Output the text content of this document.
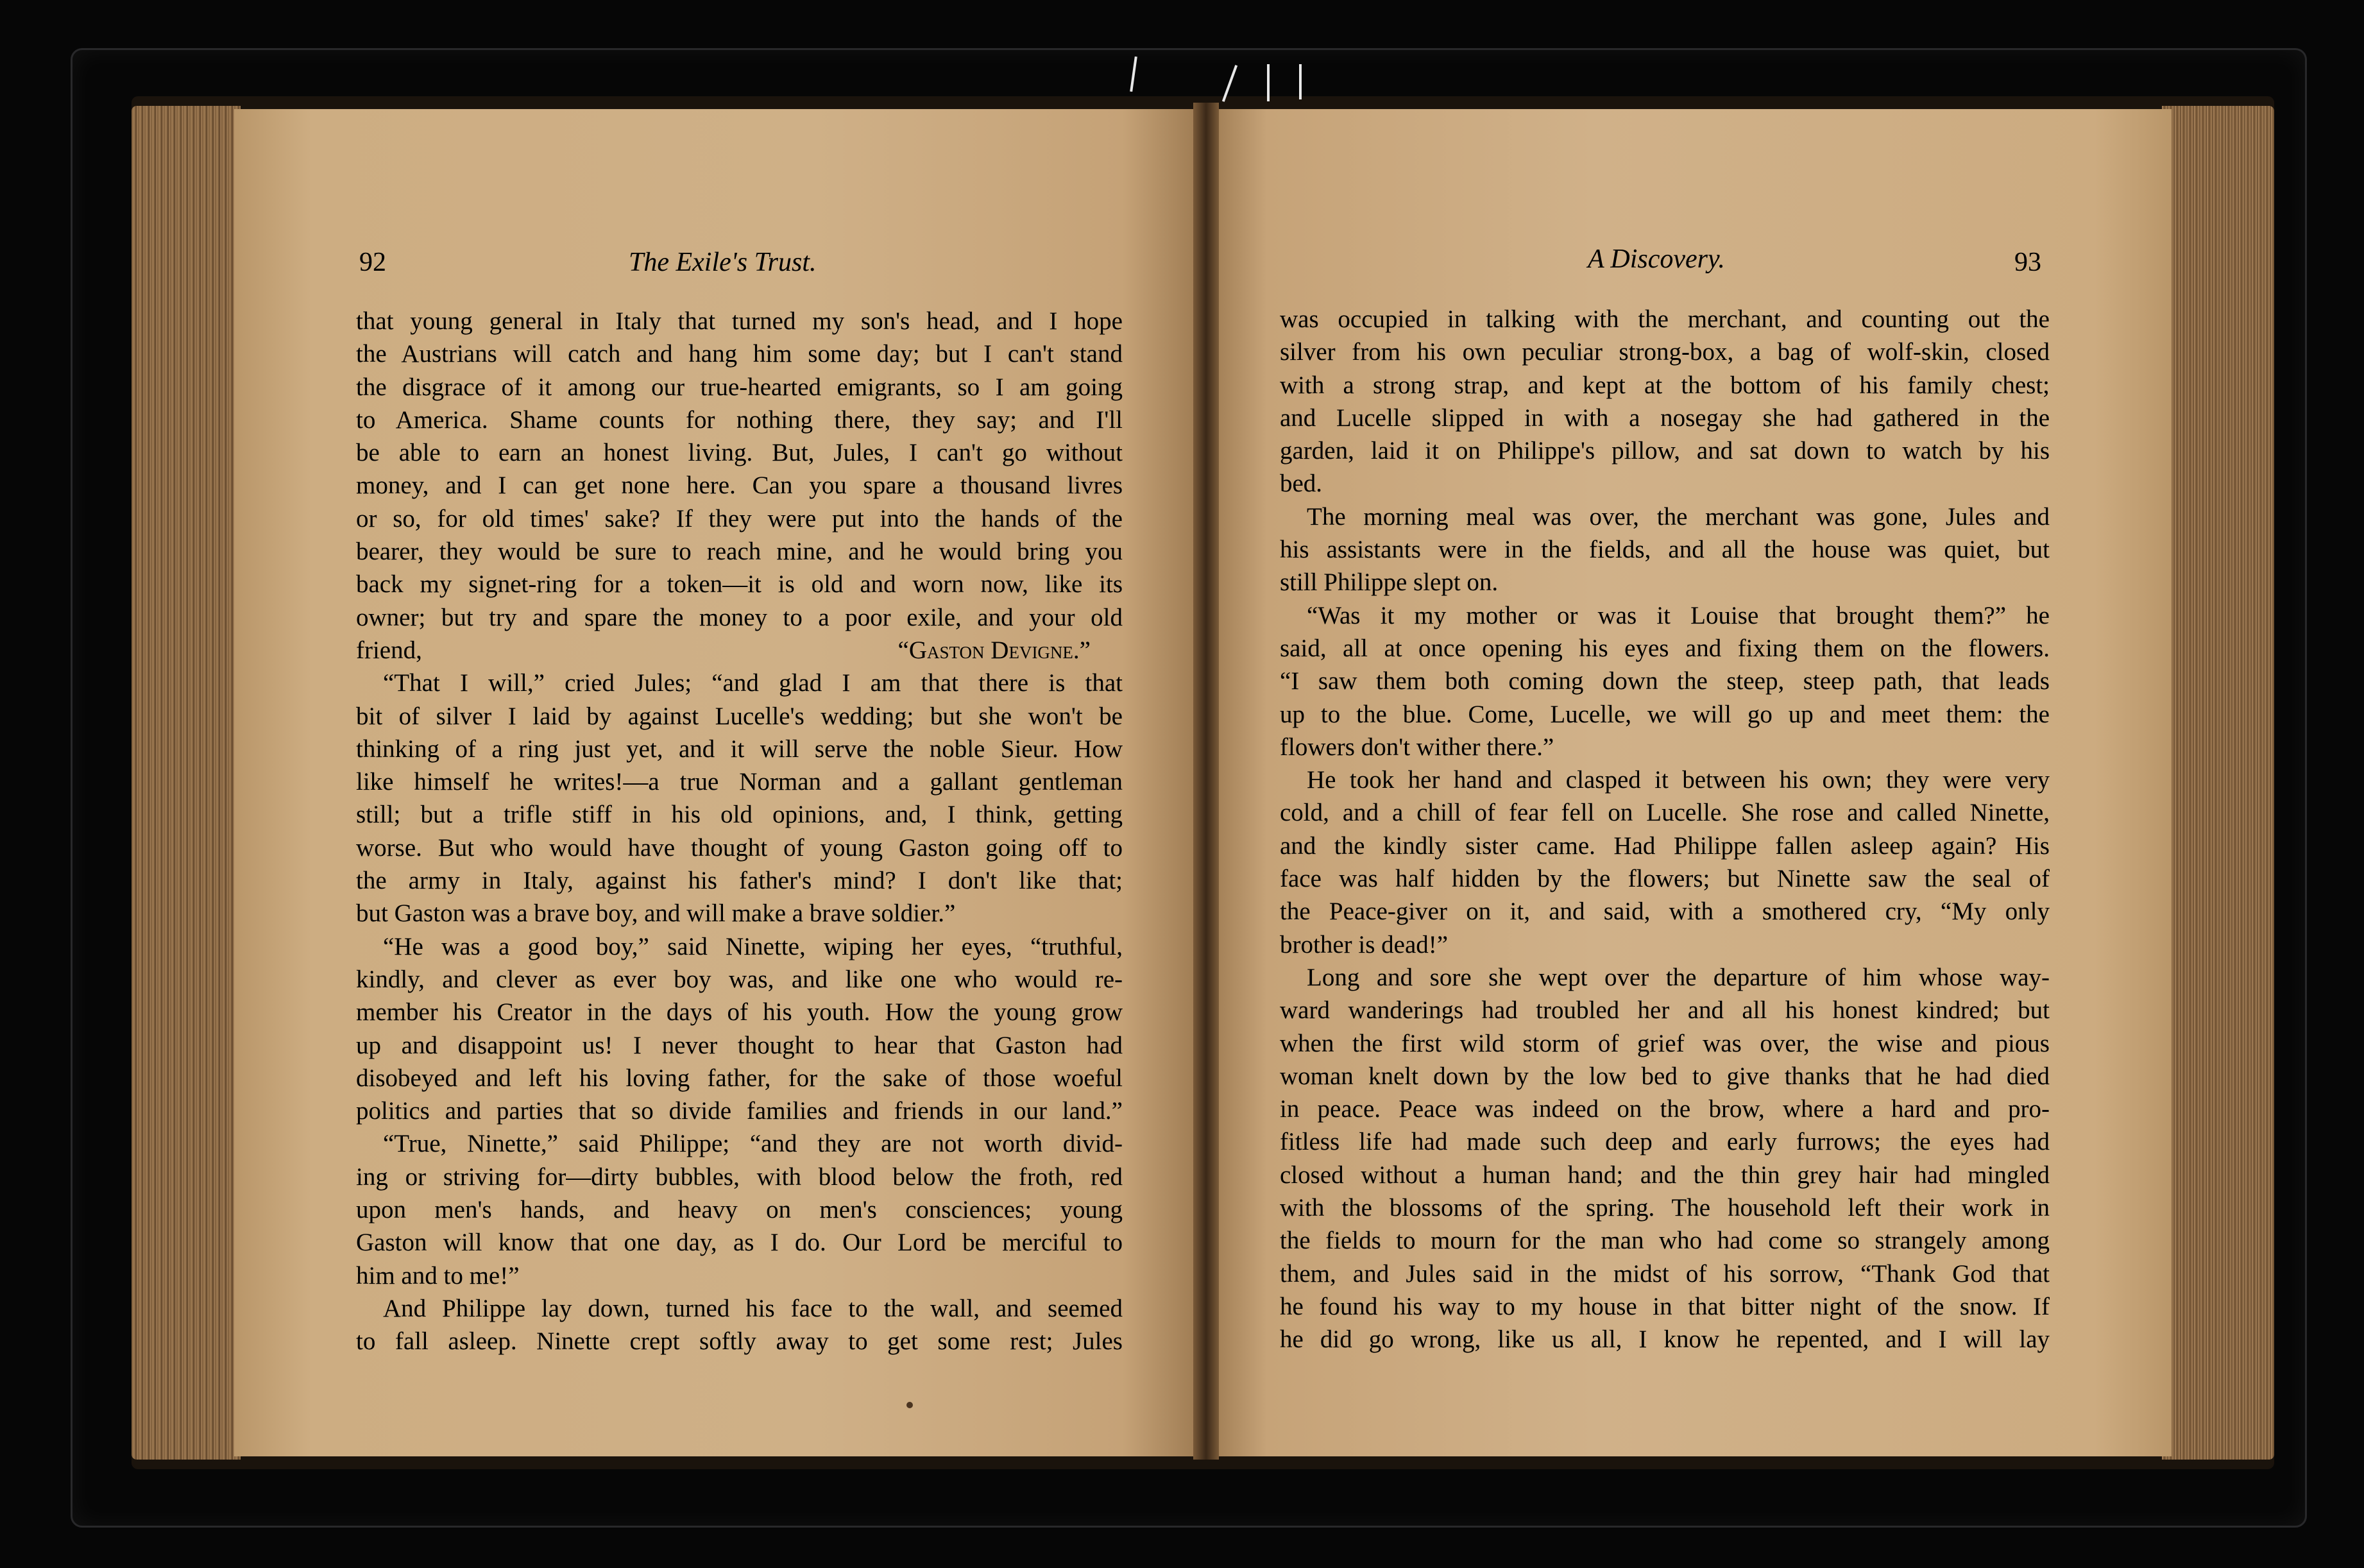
92	The Exile's Trust.
that young general in Italy that turned my son's head, and I hope
the Austrians will catch and hang him some day; but I can't stand
the disgrace of it among our true-hearted emigrants, so I am going
to America. Shame counts for nothing there, they say; and I'll
be able to earn an honest living. But, Jules, I can't go without
money, and I can get none here. Can you spare a thousand livres
or so, for old times' sake? If they were put into the hands of the
bearer, they would be sure to reach mine, and he would bring you
back my signet-ring for a token—it is old and worn now, like its
owner; but try and spare the money to a poor exile, and your old
friend,	“Gaston Devigne.”
“That I will,” cried Jules; “and glad I am that there is that
bit of silver I laid by against Lucelle's wedding; but she won't be
thinking of a ring just yet, and it will serve the noble Sieur. How
like himself he writes!—a true Norman and a gallant gentleman
still; but a trifle stiff in his old opinions, and, I think, getting
worse. But who would have thought of young Gaston going off to
the army in Italy, against his father's mind? I don't like that;
but Gaston was a brave boy, and will make a brave soldier.”
“He was a good boy,” said Ninette, wiping her eyes, “truthful,
kindly, and clever as ever boy was, and like one who would re-
member his Creator in the days of his youth. How the young grow
up and disappoint us! I never thought to hear that Gaston had
disobeyed and left his loving father, for the sake of those woeful
politics and parties that so divide families and friends in our land.”
“True, Ninette,” said Philippe; “and they are not worth divid-
ing or striving for—dirty bubbles, with blood below the froth, red
upon men's hands, and heavy on men's consciences; young
Gaston will know that one day, as I do. Our Lord be merciful to
him and to me!”
And Philippe lay down, turned his face to the wall, and seemed
to fall asleep. Ninette crept softly away to get some rest; Jules
A Discovery.	93
was occupied in talking with the merchant, and counting out the
silver from his own peculiar strong-box, a bag of wolf-skin, closed
with a strong strap, and kept at the bottom of his family chest;
and Lucelle slipped in with a nosegay she had gathered in the
garden, laid it on Philippe's pillow, and sat down to watch by his
bed.
The morning meal was over, the merchant was gone, Jules and
his assistants were in the fields, and all the house was quiet, but
still Philippe slept on.
“Was it my mother or was it Louise that brought them?” he
said, all at once opening his eyes and fixing them on the flowers.
“I saw them both coming down the steep, steep path, that leads
up to the blue. Come, Lucelle, we will go up and meet them: the
flowers don't wither there.”
He took her hand and clasped it between his own; they were very
cold, and a chill of fear fell on Lucelle. She rose and called Ninette,
and the kindly sister came. Had Philippe fallen asleep again? His
face was half hidden by the flowers; but Ninette saw the seal of
the Peace-giver on it, and said, with a smothered cry, “My only
brother is dead!”
Long and sore she wept over the departure of him whose way-
ward wanderings had troubled her and all his honest kindred; but
when the first wild storm of grief was over, the wise and pious
woman knelt down by the low bed to give thanks that he had died
in peace. Peace was indeed on the brow, where a hard and pro-
fitless life had made such deep and early furrows; the eyes had
closed without a human hand; and the thin grey hair had mingled
with the blossoms of the spring. The household left their work in
the fields to mourn for the man who had come so strangely among
them, and Jules said in the midst of his sorrow, “Thank God that
he found his way to my house in that bitter night of the snow. If
he did go wrong, like us all, I know he repented, and I will lay
